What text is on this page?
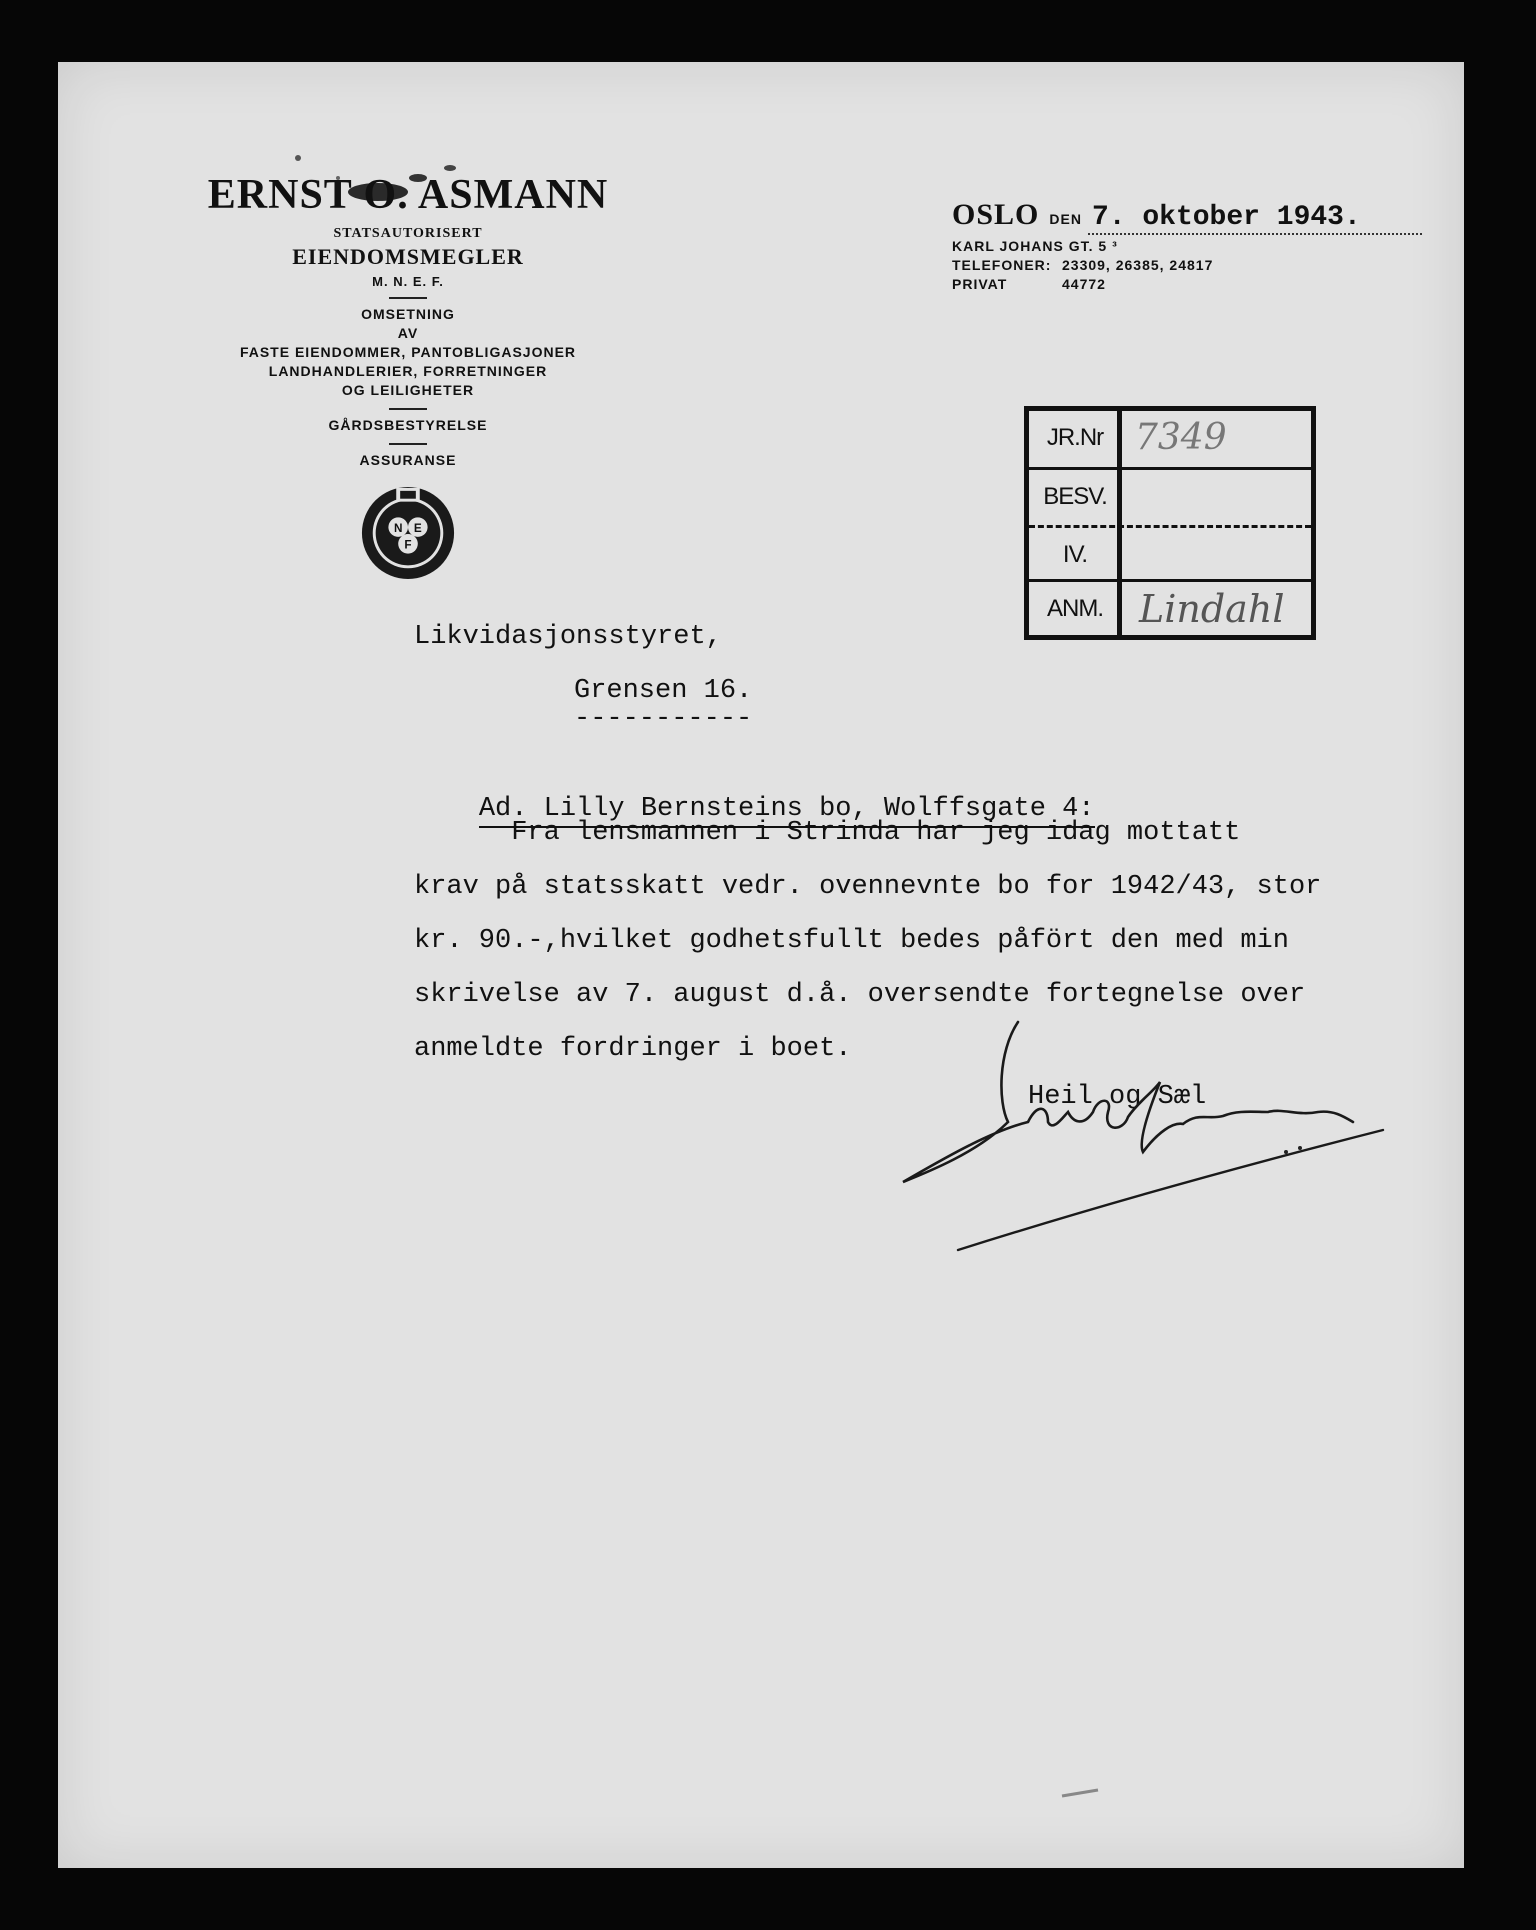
ERNST O. ASMANN
STATSAUTORISERT
EIENDOMSMEGLER
M. N. E. F.
OMSETNING
AV
FASTE EIENDOMMER, PANTOBLIGASJONER
LANDHANDLERIER, FORRETNINGER
OG LEILIGHETER
GÅRDSBESTYRELSE
ASSURANSE
N E
F
OSLO DEN 7. oktober 1943.
KARL JOHANS GT. 5 ³
TELEFONER: 23309, 26385, 24817
PRIVAT	44772
JR.Nr 7349
BESV.
IV.
ANM. Lindahl
Likvidasjonsstyret,
Grensen 16.
-----------

Ad. Lilly Bernsteins bo, Wolffsgate 4:

Fra lensmannen i Strinda har jeg idag mottatt
krav på statsskatt vedr. ovennevnte bo for 1942/43, stor
kr. 90.-,hvilket godhetsfullt bedes påfört den med min
skrivelse av 7. august d.å. oversendte fortegnelse over
anmeldte fordringer i boet.
Heil og Sæl
